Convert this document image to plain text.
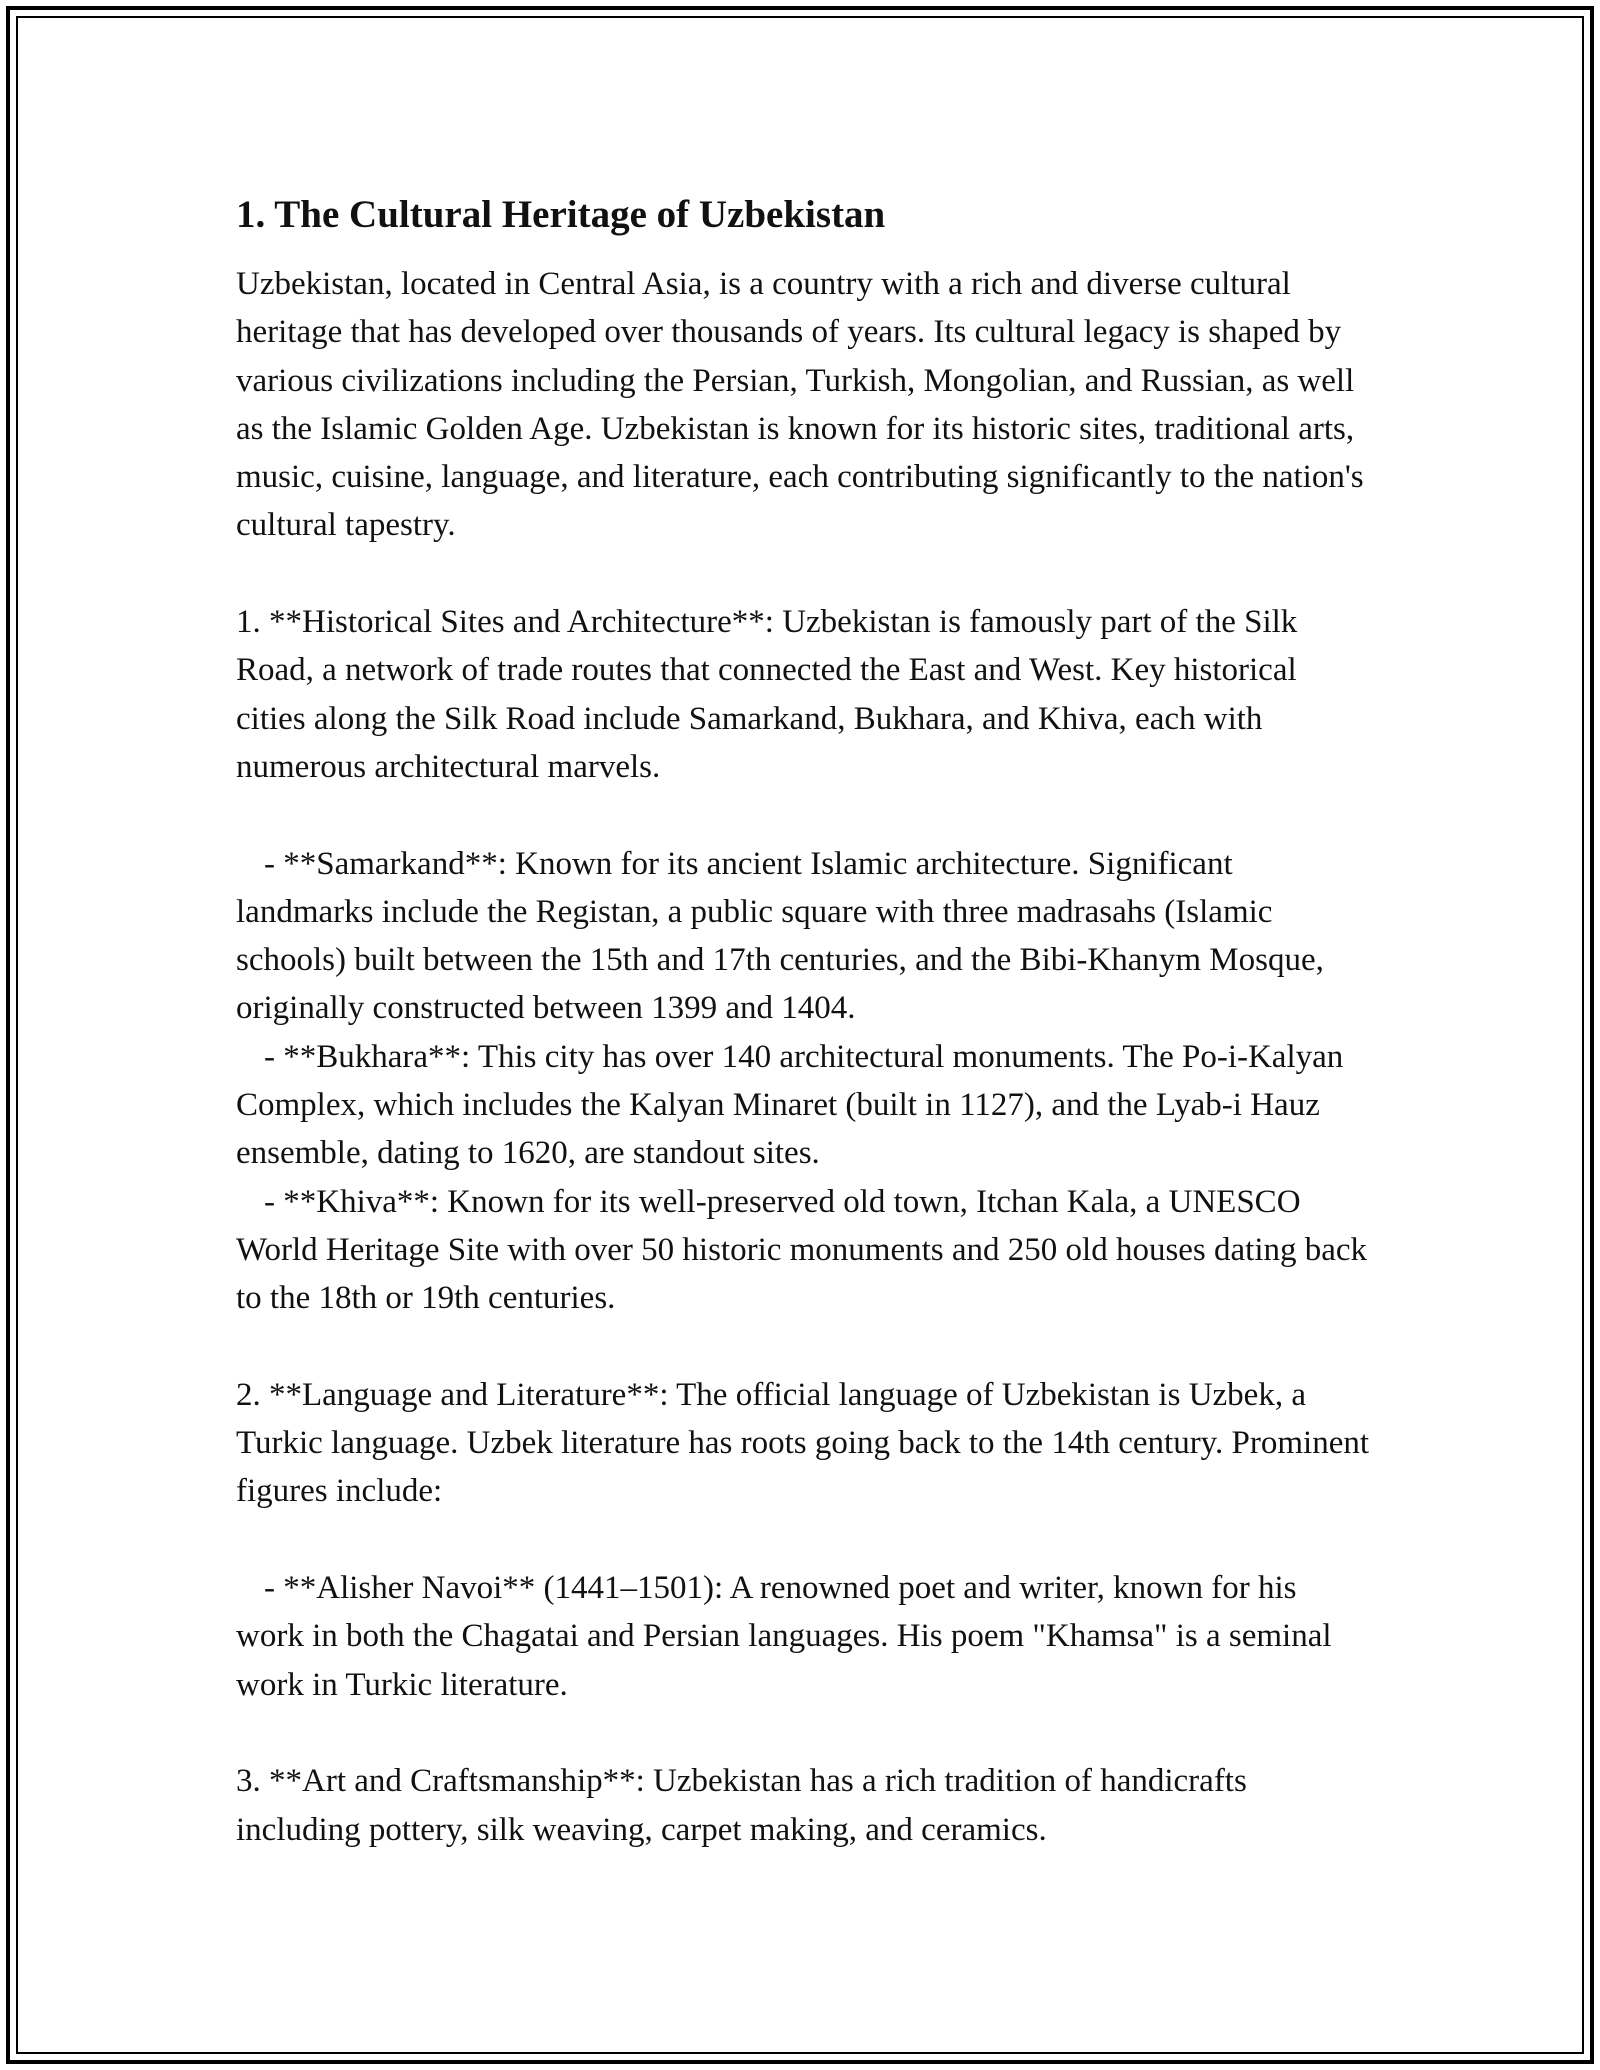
1. The Cultural Heritage of Uzbekistan

Uzbekistan, located in Central Asia, is a country with a rich and diverse cultural heritage that has developed over thousands of years. Its cultural legacy is shaped by various civilizations including the Persian, Turkish, Mongolian, and Russian, as well as the Islamic Golden Age. Uzbekistan is known for its historic sites, traditional arts, music, cuisine, language, and literature, each contributing significantly to the nation's cultural tapestry.

1. **Historical Sites and Architecture**: Uzbekistan is famously part of the Silk Road, a network of trade routes that connected the East and West. Key historical cities along the Silk Road include Samarkand, Bukhara, and Khiva, each with numerous architectural marvels.

- **Samarkand**: Known for its ancient Islamic architecture. Significant landmarks include the Registan, a public square with three madrasahs (Islamic schools) built between the 15th and 17th centuries, and the Bibi-Khanym Mosque, originally constructed between 1399 and 1404.

- **Bukhara**: This city has over 140 architectural monuments. The Po-i-Kalyan Complex, which includes the Kalyan Minaret (built in 1127), and the Lyab-i Hauz ensemble, dating to 1620, are standout sites.

- **Khiva**: Known for its well-preserved old town, Itchan Kala, a UNESCO World Heritage Site with over 50 historic monuments and 250 old houses dating back to the 18th or 19th centuries.

2. **Language and Literature**: The official language of Uzbekistan is Uzbek, a Turkic language. Uzbek literature has roots going back to the 14th century. Prominent figures include:

- **Alisher Navoi** (1441–1501): A renowned poet and writer, known for his work in both the Chagatai and Persian languages. His poem "Khamsa" is a seminal work in Turkic literature.

3. **Art and Craftsmanship**: Uzbekistan has a rich tradition of handicrafts including pottery, silk weaving, carpet making, and ceramics.
